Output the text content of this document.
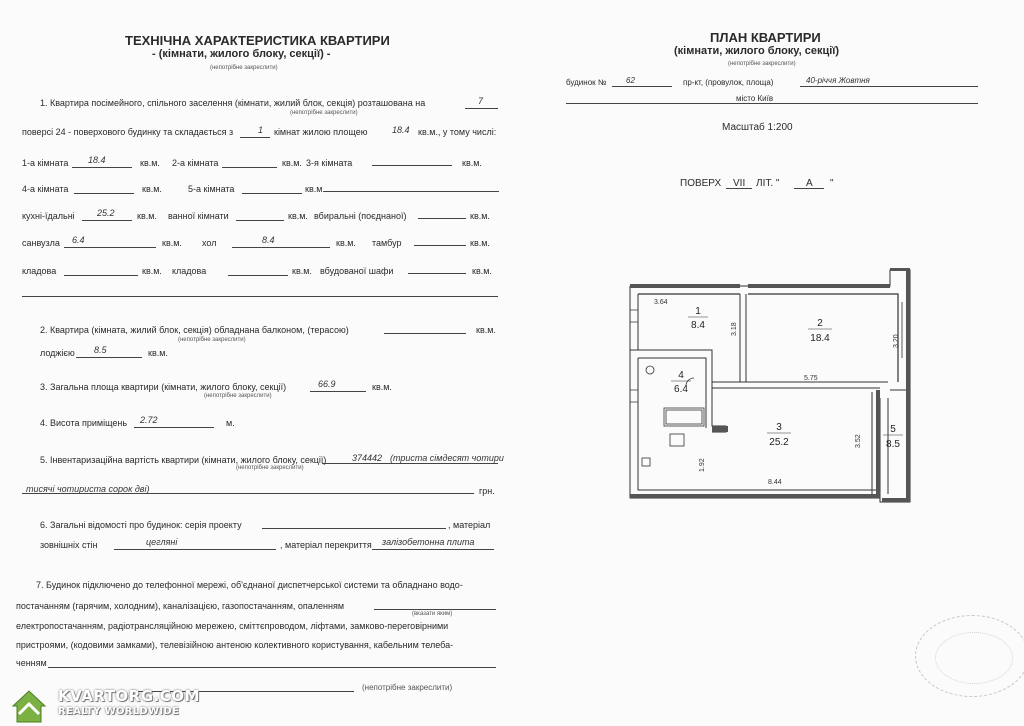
ТЕХНІЧНА ХАРАКТЕРИСТИКА КВАРТИРИ
- (кімнати, жилого блоку, секції) -
(непотрібне закреслити)
1. Квартира посімейного, спільного заселення (кімнати, жилий блок, секція) розташована на	7
(непотрібне закреслити)
поверсі 24 - поверхового будинку та складається з	1 кімнат жилою площею	18.4 кв.м., у тому числі:
1-а кімната 18.4	кв.м. 2-а кімната	кв.м. 3-я кімната	кв.м.
4-а кімната	кв.м.	5-а кімната	кв.м.
кухні-їдальні 25.2 кв.м. ванної кімнати	кв.м. вбиральні (поєднаної)	кв.м.
санвузла 6.4	кв.м. хол	8.4	кв.м. тамбур	кв.м.
кладова	кв.м. кладова	кв.м. вбудованої шафи	кв.м.
2. Квартира (кімната, жилий блок, секція) обладнана балконом, (терасою)	кв.м.
(непотрібне закреслити)
лоджією 8.5	кв.м.
3. Загальна площа квартири (кімнати, жилого блоку, секції)	66.9	кв.м.
(непотрібне закреслити)
4. Висота приміщень 2.72	м.
5. Інвентаризаційна вартість квартири (кімнати, жилого блоку, секції)	374442 (триста сімдесят чотири
(непотрібне закреслити)
тисячі чотириста сорок дві)	грн.
6. Загальні відомості про будинок: серія проекту	, матеріал
зовнішніх стін	цегляні	, матеріал перекриття залізобетонна плита
7. Будинок підключено до телефонної мережі, об'єднаної диспетчерської системи та обладнано водо-
постачанням (гарячим, холодним), каналізацією, газопостачанням, опаленням
(вказати яким)
електропостачанням, радіотрансляційною мережею, сміттєпроводом, ліфтами, замково-переговірними
пристроями, (кодовими замками), телевізійною антеною колективного користування, кабельним телеба-
ченням
(непотрібне закреслити)
ПЛАН КВАРТИРИ
(кімнати, жилого блоку, секції)
(непотрібне закреслити)
будинок № 62	пр-кт, (провулок, площа)	40-річчя Жовтня
місто Київ
Масштаб 1:200
ПОВЕРХ VII ЛІТ. "	А "
1
8.4	2
18.4
3
25.2
4
6.4
5
8.5
3.64
3.18
5.75
3.20
3.52
1.92
8.44
KVARTORG.COM
REALTY WORLDWIDE
